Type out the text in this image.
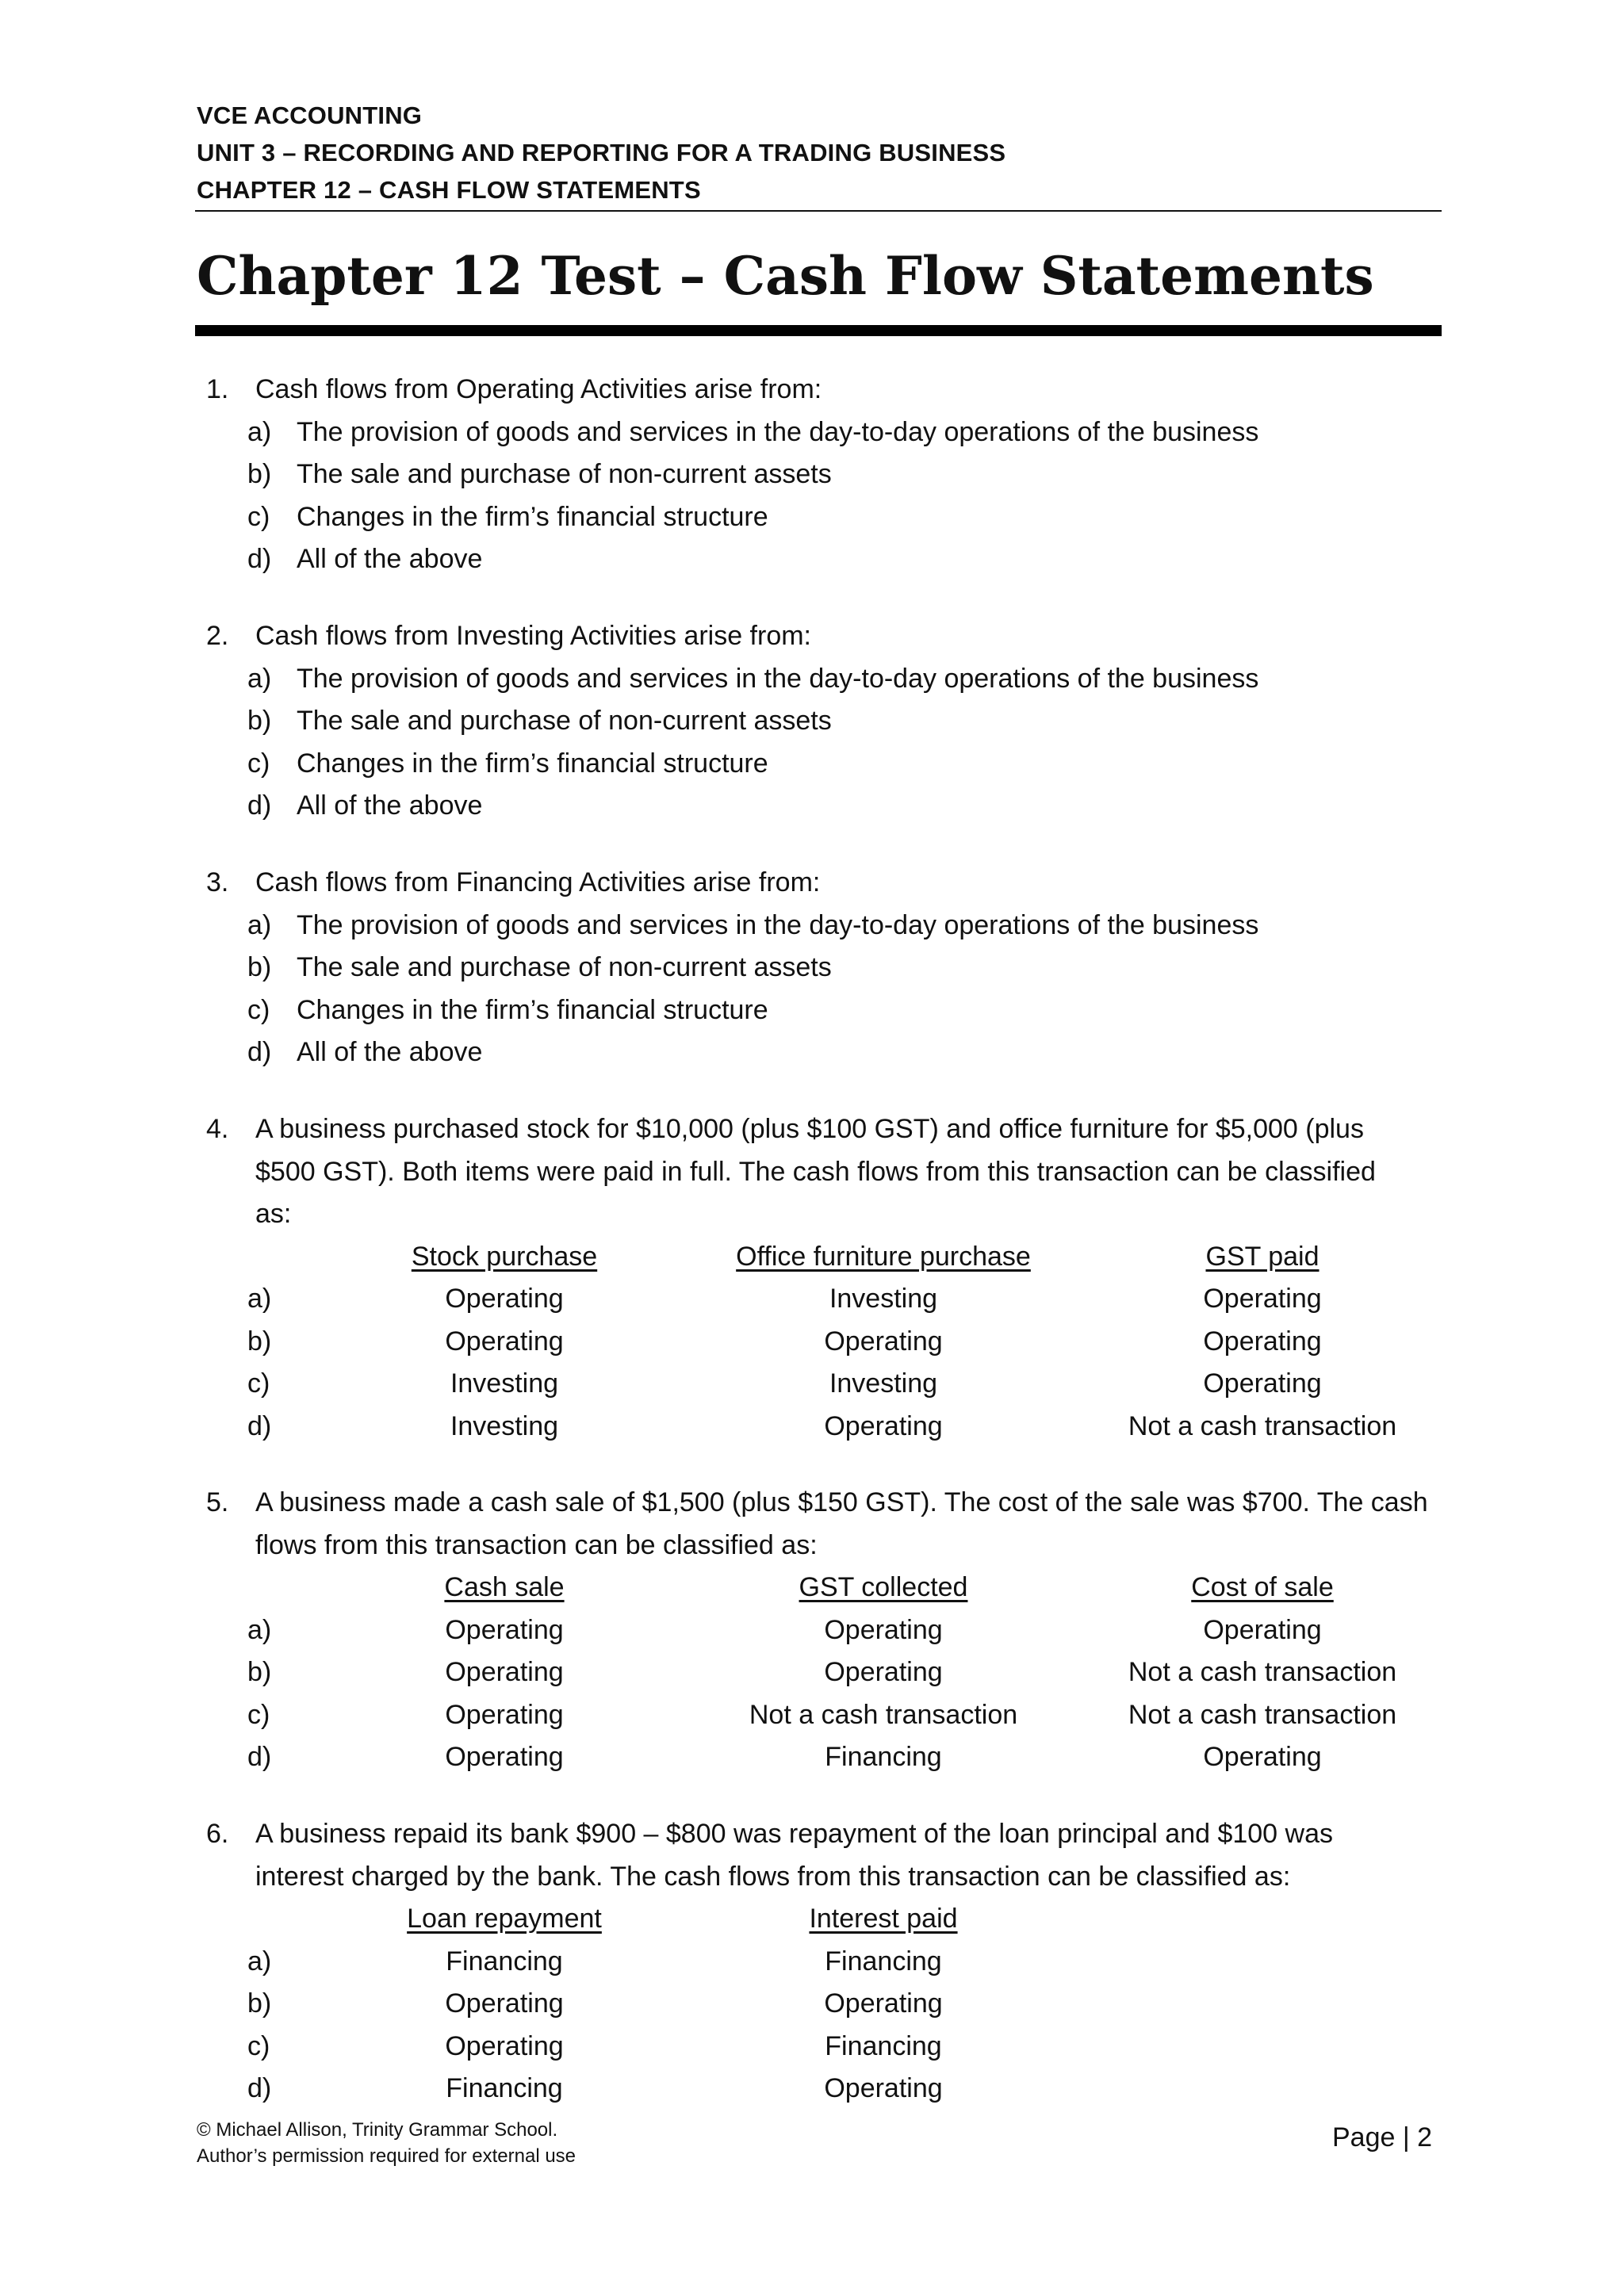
VCE ACCOUNTING
UNIT 3 – RECORDING AND REPORTING FOR A TRADING BUSINESS
CHAPTER 12 – CASH FLOW STATEMENTS
Chapter 12 Test – Cash Flow Statements
1. Cash flows from Operating Activities arise from:
a) The provision of goods and services in the day-to-day operations of the business
b) The sale and purchase of non-current assets
c) Changes in the firm’s financial structure
d) All of the above
2. Cash flows from Investing Activities arise from:
a) The provision of goods and services in the day-to-day operations of the business
b) The sale and purchase of non-current assets
c) Changes in the firm’s financial structure
d) All of the above
3. Cash flows from Financing Activities arise from:
a) The provision of goods and services in the day-to-day operations of the business
b) The sale and purchase of non-current assets
c) Changes in the firm’s financial structure
d) All of the above
4. A business purchased stock for $10,000 (plus $100 GST) and office furniture for $5,000 (plus
$500 GST). Both items were paid in full. The cash flows from this transaction can be classified
as:
Stock purchase	Office furniture purchase	GST paid
a)	Operating	Investing	Operating
b)	Operating	Operating	Operating
c)	Investing	Investing	Operating
d)	Investing	Operating	Not a cash transaction
5. A business made a cash sale of $1,500 (plus $150 GST). The cost of the sale was $700. The cash
flows from this transaction can be classified as:
Cash sale	GST collected	Cost of sale
a)	Operating	Operating	Operating
b)	Operating	Operating	Not a cash transaction
c)	Operating	Not a cash transaction	Not a cash transaction
d)	Operating	Financing	Operating
6. A business repaid its bank $900 – $800 was repayment of the loan principal and $100 was
interest charged by the bank. The cash flows from this transaction can be classified as:
Loan repayment	Interest paid
a)	Financing	Financing
b)	Operating	Operating
c)	Operating	Financing
d)	Financing	Operating
© Michael Allison, Trinity Grammar School.
Author’s permission required for external use
Page | 2
